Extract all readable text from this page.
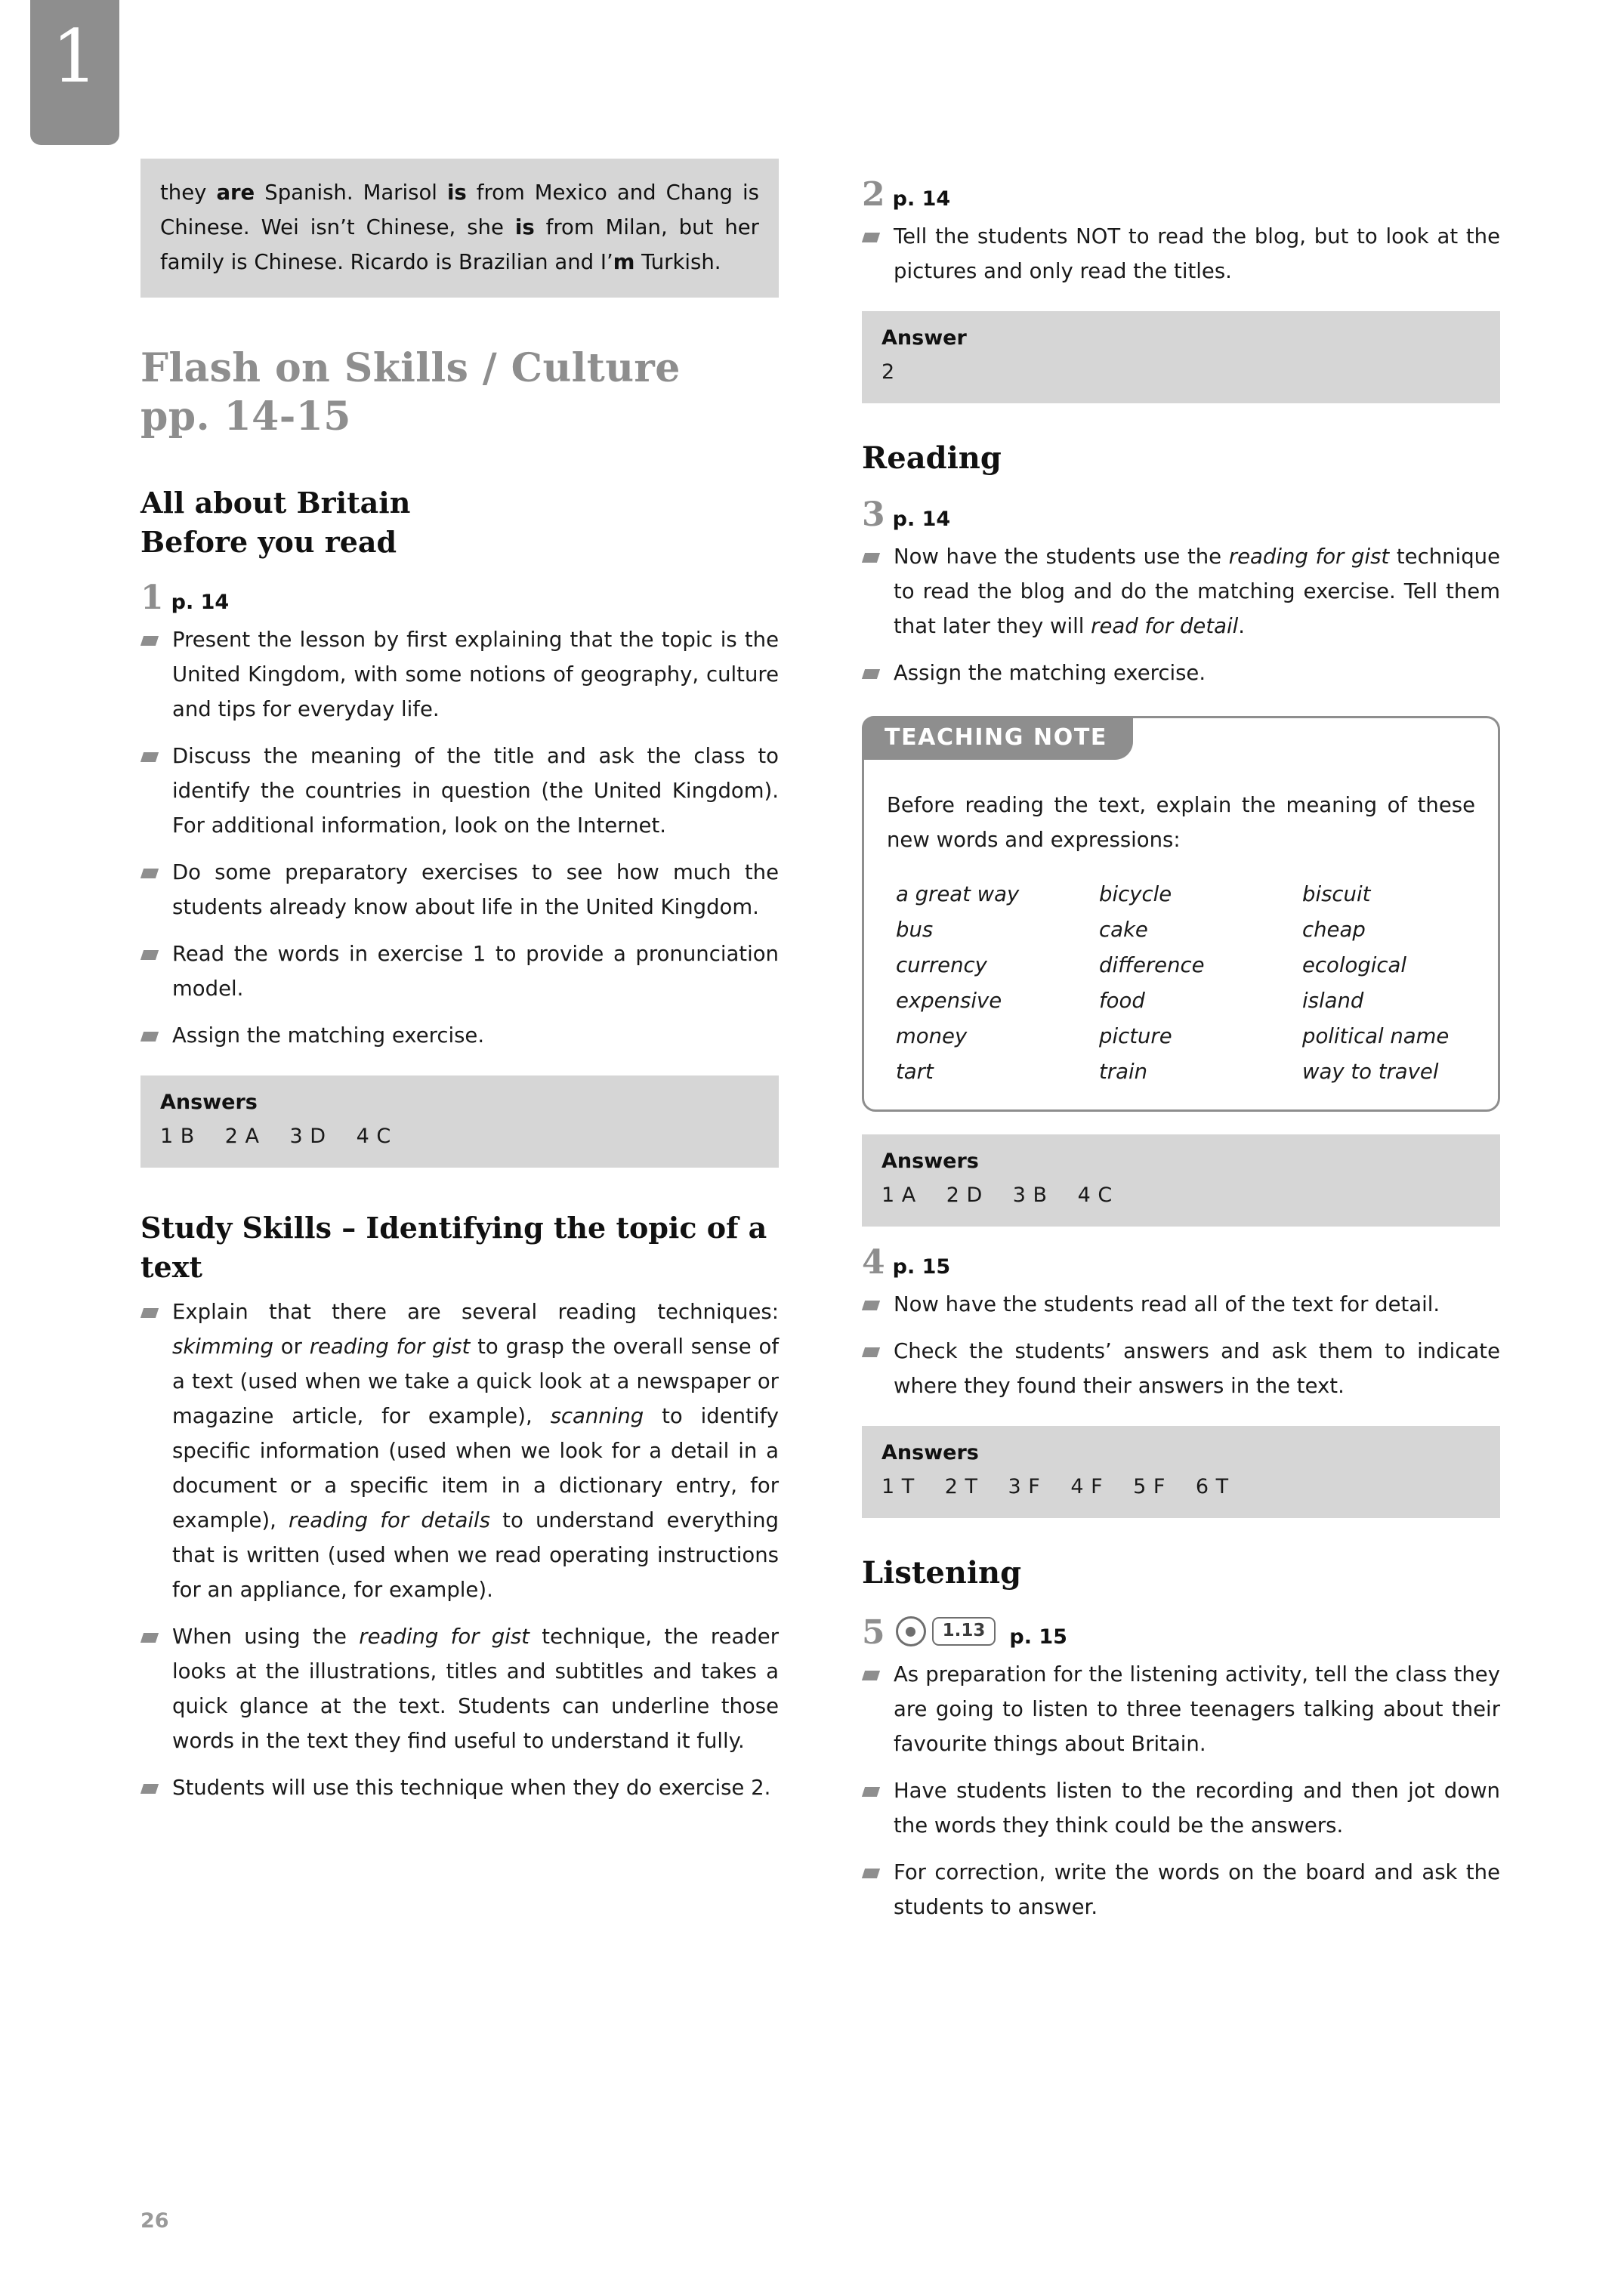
1
they are Spanish. Marisol is from Mexico and Chang is Chinese. Wei isn’t Chinese, she is from Milan, but her family is Chinese. Ricardo is Brazilian and I’m Turkish.
Flash on Skills / Culture
pp. 14-15
All about Britain
Before you read
1 p. 14
Present the lesson by first explaining that the topic is the United Kingdom, with some notions of geography, culture and tips for everyday life.
Discuss the meaning of the title and ask the class to identify the countries in question (the United Kingdom). For additional information, look on the Internet.
Do some preparatory exercises to see how much the students already know about life in the United Kingdom.
Read the words in exercise 1 to provide a pronunciation model.
Assign the matching exercise.
Answers
1 B 2 A 3 D 4 C
Study Skills – Identifying the topic of a text
Explain that there are several reading techniques: skimming or reading for gist to grasp the overall sense of a text (used when we take a quick look at a newspaper or magazine article, for example), scanning to identify specific information (used when we look for a detail in a document or a specific item in a dictionary entry, for example), reading for details to understand everything that is written (used when we read operating instructions for an appliance, for example).
When using the reading for gist technique, the reader looks at the illustrations, titles and subtitles and takes a quick glance at the text. Students can underline those words in the text they find useful to understand it fully.
Students will use this technique when they do exercise 2.
2 p. 14
Tell the students NOT to read the blog, but to look at the pictures and only read the titles.
Answer
2
Reading
3 p. 14
Now have the students use the reading for gist technique to read the blog and do the matching exercise. Tell them that later they will read for detail.
Assign the matching exercise.
TEACHING NOTE
Before reading the text, explain the meaning of these new words and expressions:
a great way	bicycle	biscuit
bus	cake	cheap
currency	difference	ecological
expensive	food	island
money	picture	political name
tart	train	way to travel
Answers
1 A 2 D 3 B 4 C
4 p. 15
Now have the students read all of the text for detail.
Check the students’ answers and ask them to indicate where they found their answers in the text.
Answers
1 T 2 T 3 F 4 F 5 F 6 T
Listening
5	1.13	p. 15
As preparation for the listening activity, tell the class they are going to listen to three teenagers talking about their favourite things about Britain.
Have students listen to the recording and then jot down the words they think could be the answers.
For correction, write the words on the board and ask the students to answer.
26
